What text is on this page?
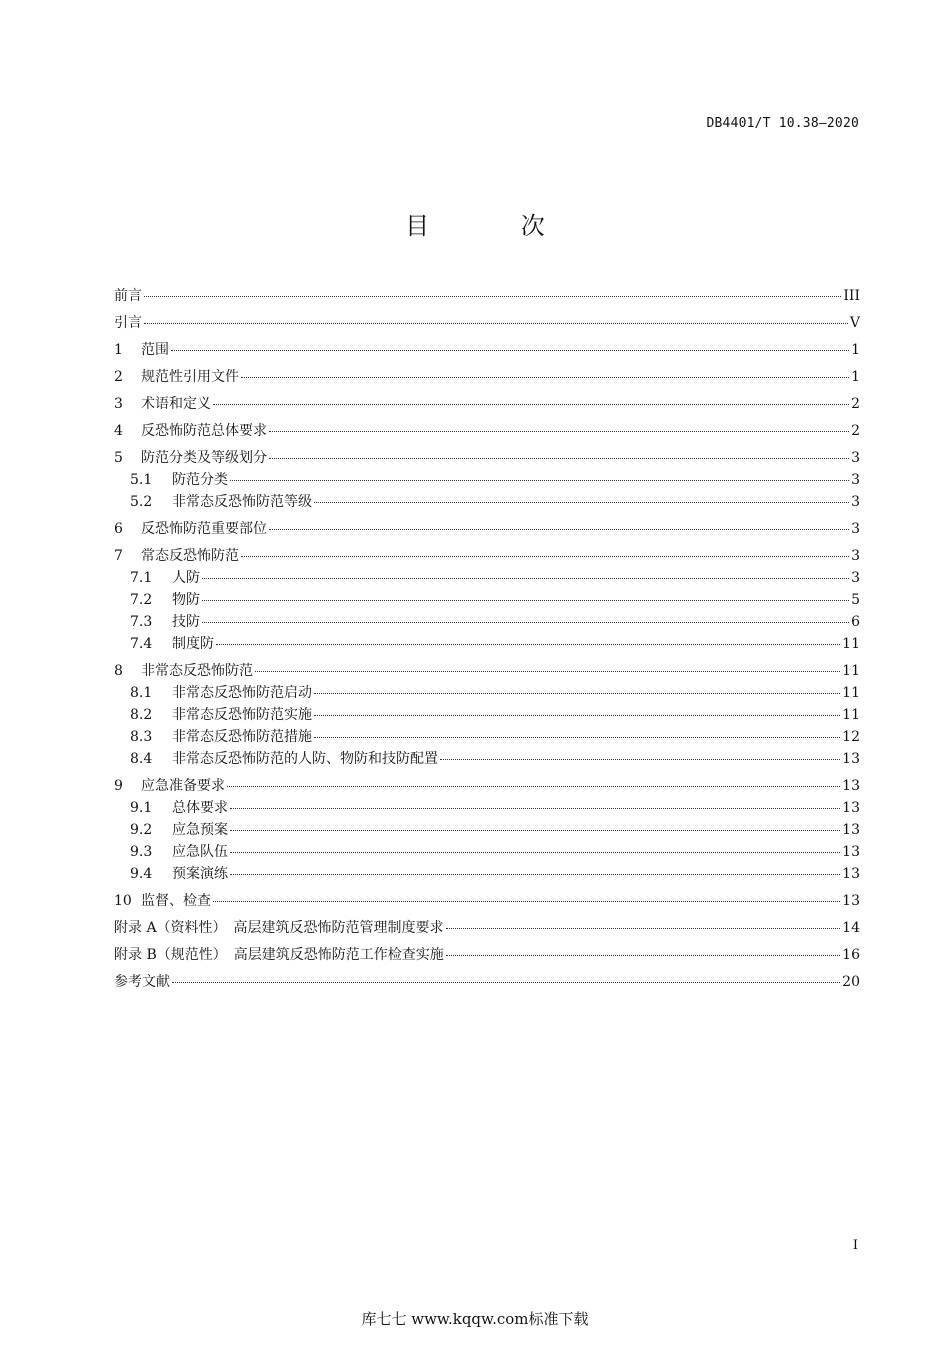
DB4401/T 10.38—2020
目 次
前言	III
引言	V
1	范围	1
2	规范性引用文件	1
3	术语和定义	2
4	反恐怖防范总体要求	2
5	防范分类及等级划分	3
5.1	防范分类	3
5.2	非常态反恐怖防范等级	3
6	反恐怖防范重要部位	3
7	常态反恐怖防范	3
7.1	人防	3
7.2	物防	5
7.3	技防	6
7.4	制度防	11
8	非常态反恐怖防范	11
8.1	非常态反恐怖防范启动	11
8.2	非常态反恐怖防范实施	11
8.3	非常态反恐怖防范措施	12
8.4	非常态反恐怖防范的人防、物防和技防配置	13
9	应急准备要求	13
9.1	总体要求	13
9.2	应急预案	13
9.3	应急队伍	13
9.4	预案演练	13
10 监督、检查	13
附录 A（资料性）　高层建筑反恐怖防范管理制度要求	14
附录 B（规范性）　高层建筑反恐怖防范工作检查实施	16
参考文献	20
I
库七七 www.kqqw.com标准下载
